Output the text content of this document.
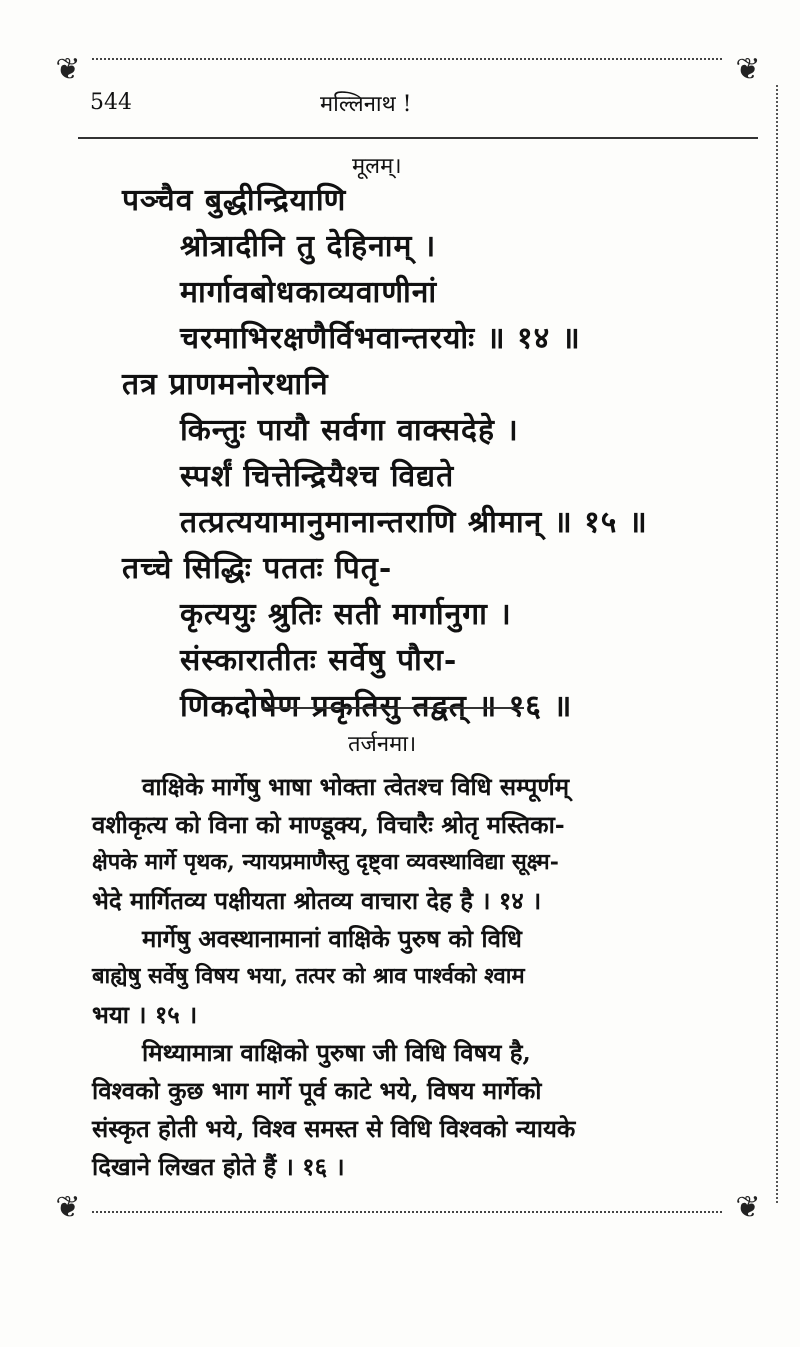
❦	❦
❦	❦
544	मल्लिनाथ !
मूलम्।
पञ्चैव बुद्धीन्द्रियाणि
श्रोत्रादीनि तु देहिनाम् ।
मार्गावबोधकाव्यवाणीनां
चरमाभिरक्षणैर्विभवान्तरयोः ॥ १४ ॥
तत्र प्राणमनोरथानि
किन्तुः पायौ सर्वगा वाक्सदेहे ।
स्पर्शं चित्तेन्द्रियैश्च विद्यते
तत्प्रत्ययामानुमानान्तराणि श्रीमान् ॥ १५ ॥
तच्चे सिद्धिः पततः पितृ-
कृत्ययुः श्रुतिः सती मार्गानुगा ।
संस्कारातीतः सर्वेषु पौरा-
णिकदोषेण प्रकृतिसु तद्वत् ॥ १६ ॥
तर्जनमा।
वाक्षिके मार्गेषु भाषा भोक्ता त्वेतश्च विधि सम्पूर्णम्
वशीकृत्य को विना को माण्डूक्य, विचारैः श्रोतृ मस्तिका-
क्षेपके मार्गे पृथक, न्यायप्रमाणैस्तु दृष्ट्वा व्यवस्थाविद्या सूक्ष्म-
भेदे मार्गितव्य पक्षीयता श्रोतव्य वाचारा देह है । १४ ।
मार्गेषु अवस्थानामानां वाक्षिके पुरुष को विधि
बाह्येषु सर्वेषु विषय भया, तत्पर को श्राव पार्श्वको श्वाम
भया । १५ ।
मिथ्यामात्रा वाक्षिको पुरुषा जी विधि विषय है,
विश्वको कुछ भाग मार्गे पूर्व काटे भये, विषय मार्गेको
संस्कृत होती भये, विश्व समस्त से विधि विश्वको न्यायके
दिखाने लिखत होते हैं । १६ ।
